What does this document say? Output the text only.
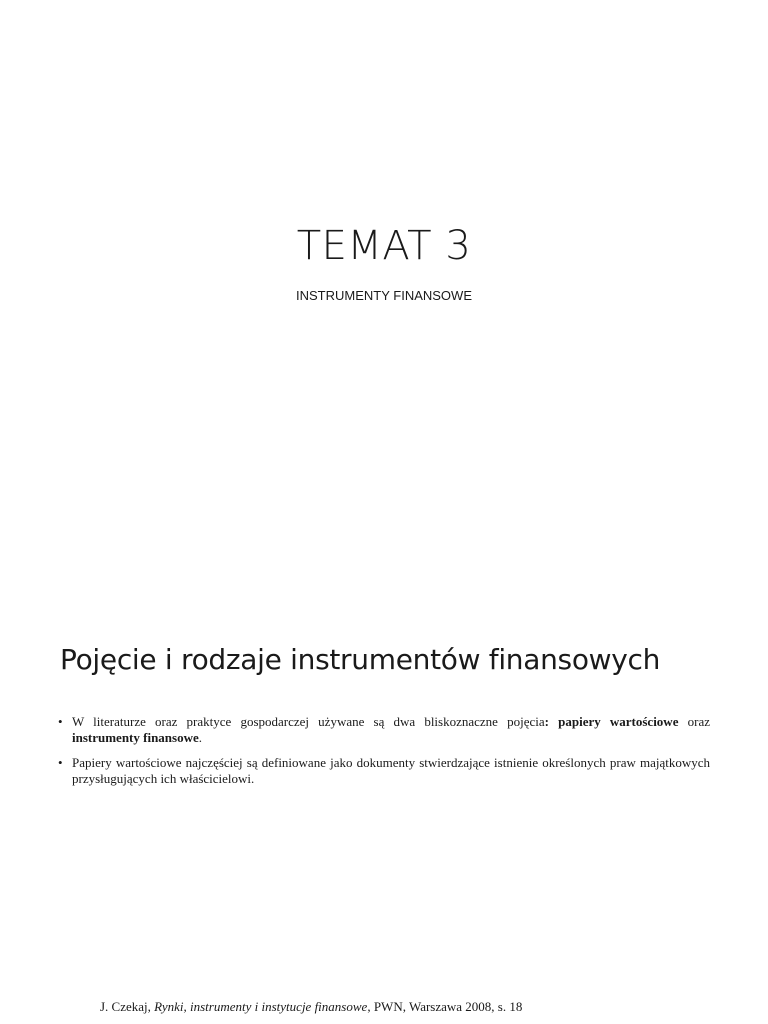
TEMAT 3
INSTRUMENTY FINANSOWE
Pojęcie i rodzaje instrumentów finansowych
• W literaturze oraz praktyce gospodarczej używane są dwa bliskoznaczne pojęcia: papiery wartościowe oraz instrumenty finansowe.
• Papiery wartościowe najczęściej są definiowane jako dokumenty stwierdzające istnienie określonych praw majątkowych przysługujących ich właścicielowi.
J. Czekaj, Rynki, instrumenty i instytucje finansowe, PWN, Warszawa 2008, s. 18
